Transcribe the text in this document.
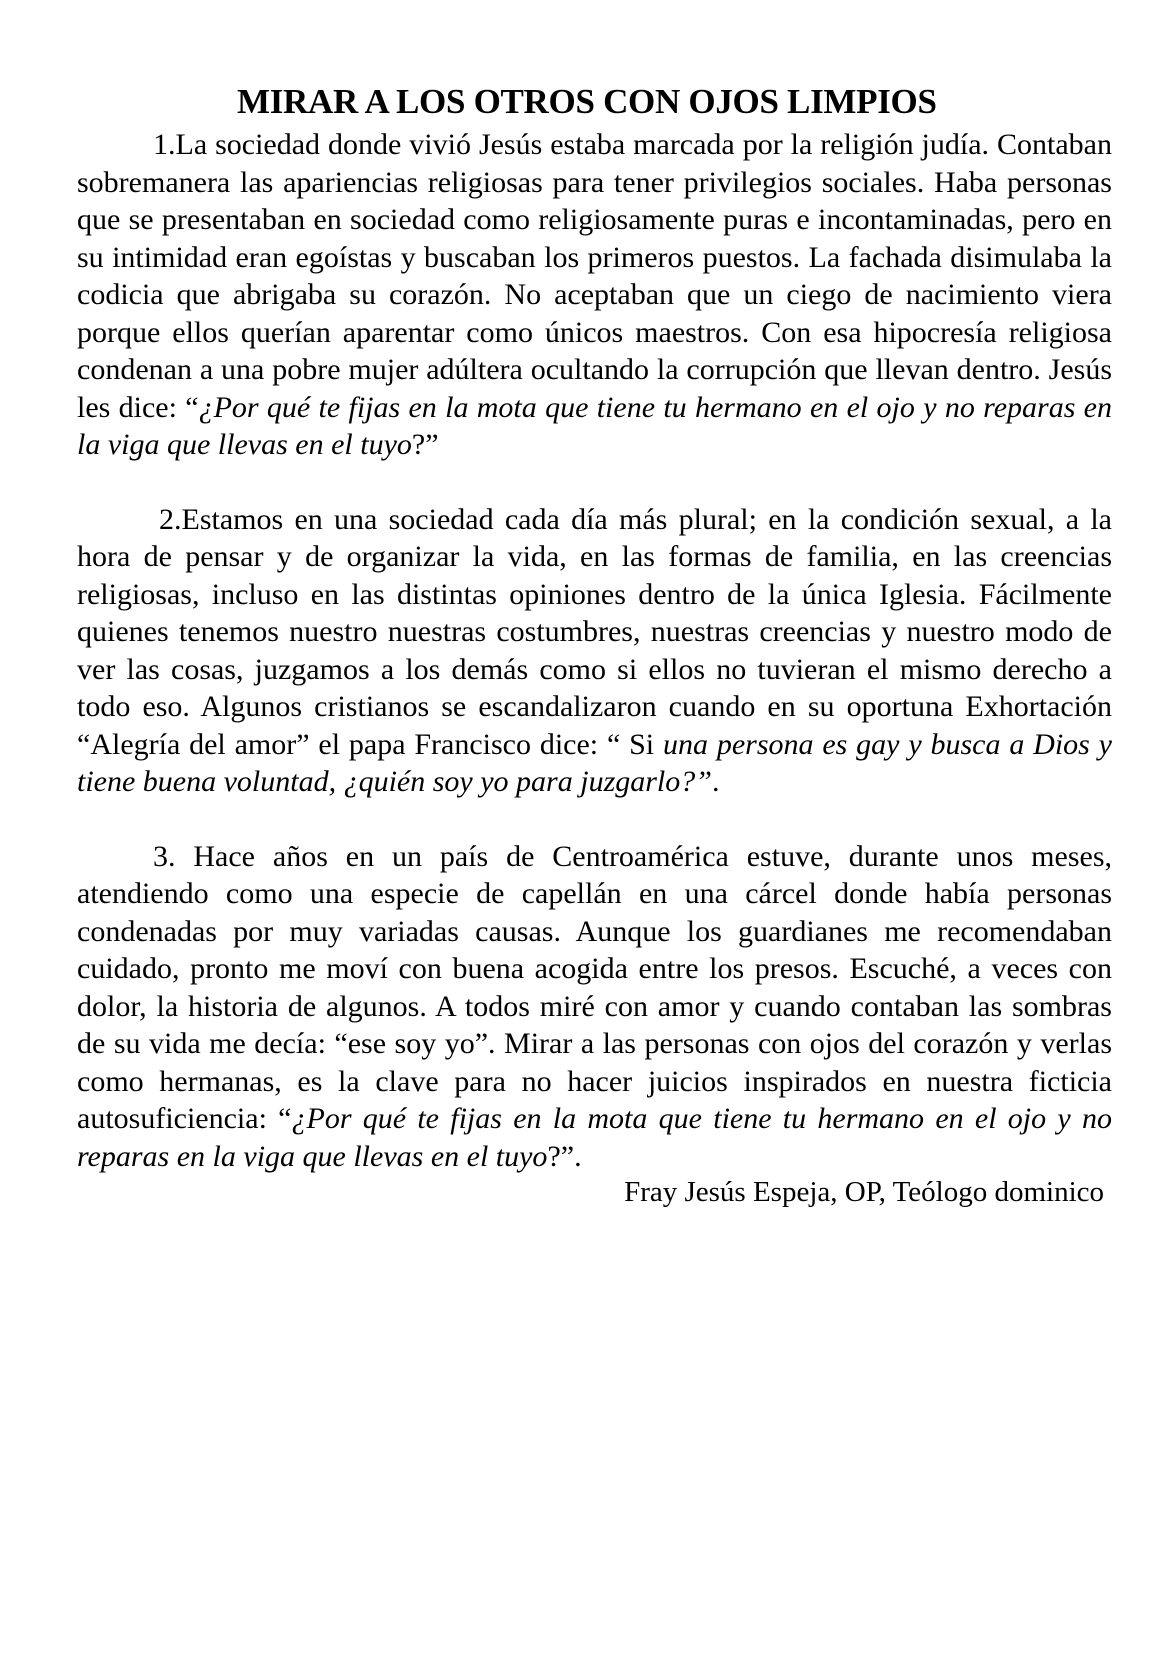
MIRAR A LOS OTROS CON OJOS LIMPIOS

1.La sociedad donde vivió Jesús estaba marcada por la religión judía. Contaban sobremanera las apariencias religiosas para tener privilegios sociales. Haba personas que se presentaban en sociedad como religiosamente puras e incontaminadas, pero en su intimidad eran egoístas y buscaban los primeros puestos. La fachada disimulaba la codicia que abrigaba su corazón. No aceptaban que un ciego de nacimiento viera porque ellos querían aparentar como únicos maestros. Con esa hipocresía religiosa condenan a una pobre mujer adúltera ocultando la corrupción que llevan dentro. Jesús les dice: “¿Por qué te fijas en la mota que tiene tu hermano en el ojo y no reparas en la viga que llevas en el tuyo?”

2.Estamos en una sociedad cada día más plural; en la condición sexual, a la hora de pensar y de organizar la vida, en las formas de familia, en las creencias religiosas, incluso en las distintas opiniones dentro de la única Iglesia. Fácilmente quienes tenemos nuestro nuestras costumbres, nuestras creencias y nuestro modo de ver las cosas, juzgamos a los demás como si ellos no tuvieran el mismo derecho a todo eso. Algunos cristianos se escandalizaron cuando en su oportuna Exhortación “Alegría del amor” el papa Francisco dice: “ Si una persona es gay y busca a Dios y tiene buena voluntad, ¿quién soy yo para juzgarlo?”.

3. Hace años en un país de Centroamérica estuve, durante unos meses, atendiendo como una especie de capellán en una cárcel donde había personas condenadas por muy variadas causas. Aunque los guardianes me recomendaban cuidado, pronto me moví con buena acogida entre los presos. Escuché, a veces con dolor, la historia de algunos. A todos miré con amor y cuando contaban las sombras de su vida me decía: “ese soy yo”. Mirar a las personas con ojos del corazón y verlas como hermanas, es la clave para no hacer juicios inspirados en nuestra ficticia autosuficiencia: “¿Por qué te fijas en la mota que tiene tu hermano en el ojo y no reparas en la viga que llevas en el tuyo?”.

Fray Jesús Espeja, OP, Teólogo dominico
